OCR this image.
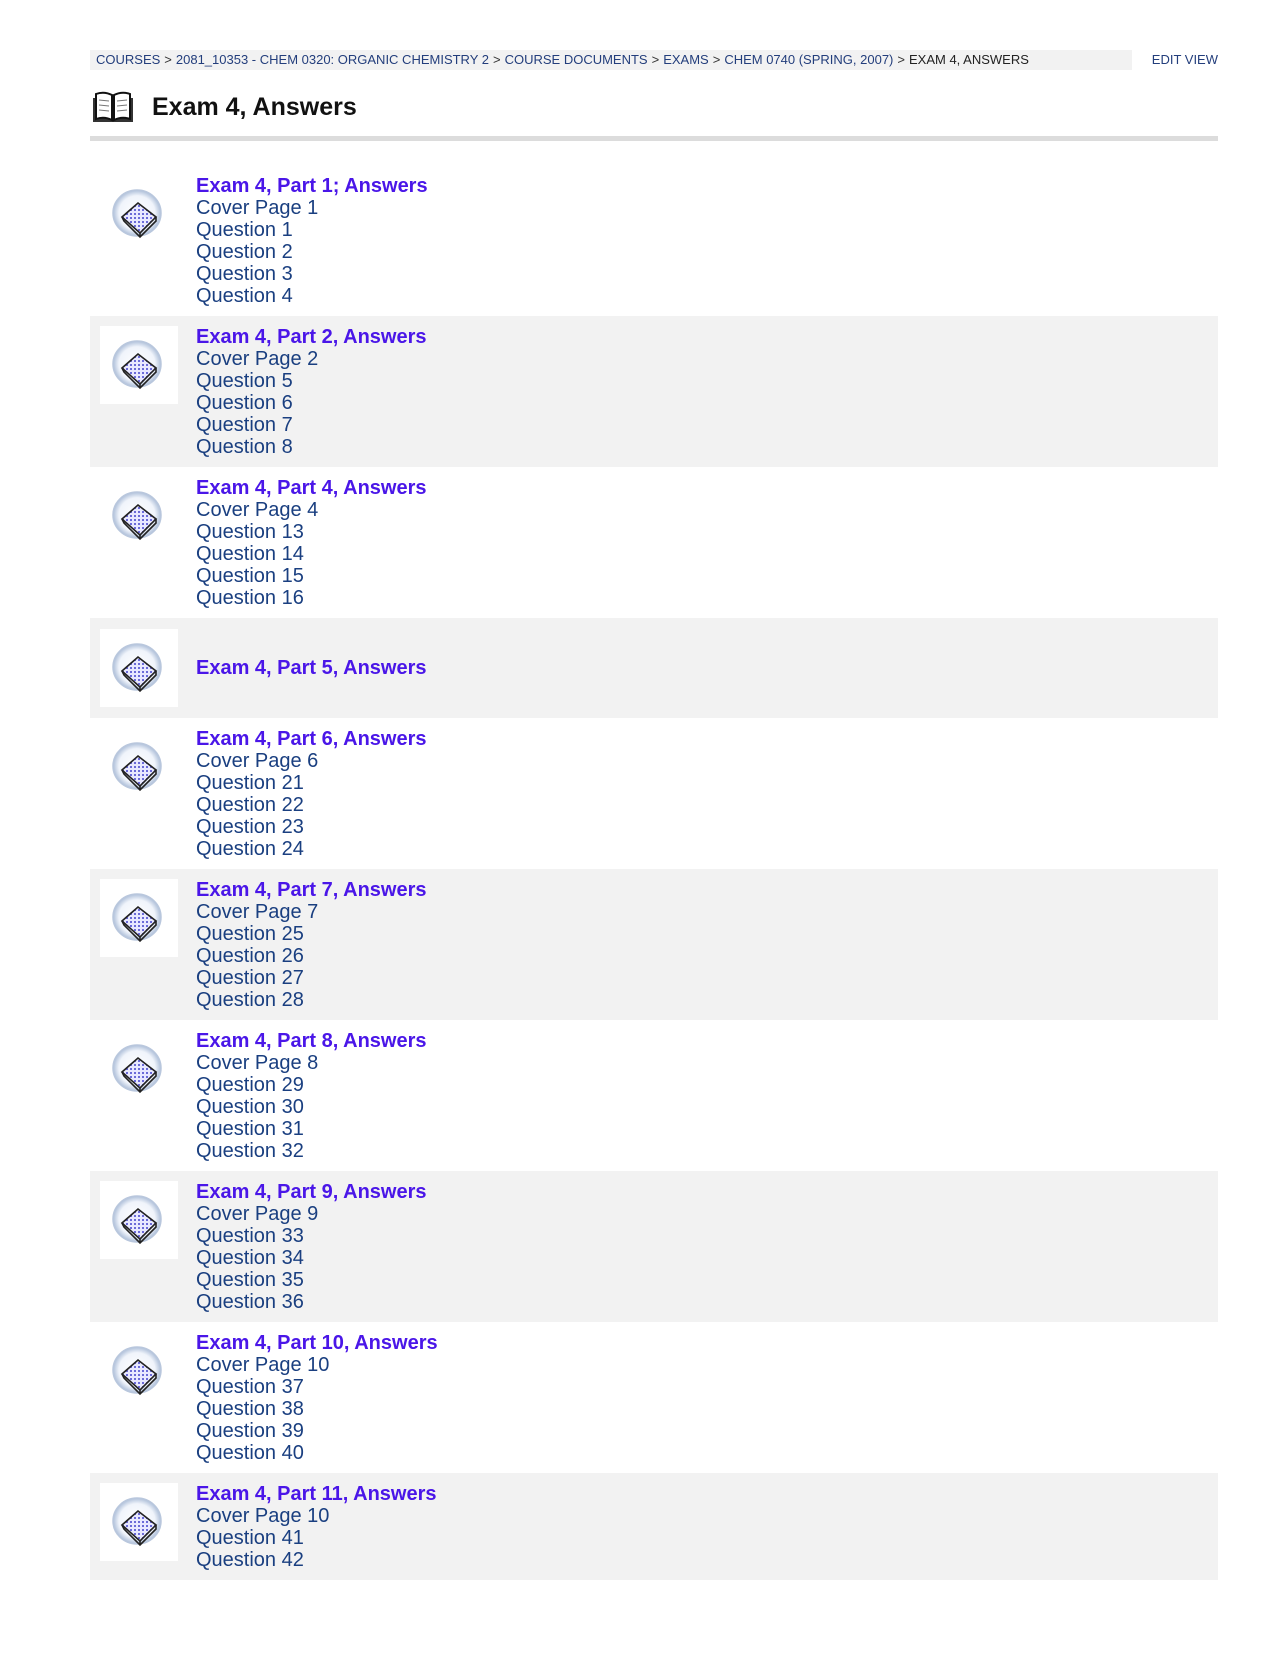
COURSES > 2081_10353 - CHEM 0320: ORGANIC CHEMISTRY 2 > COURSE DOCUMENTS > EXAMS > CHEM 0740 (SPRING, 2007) > EXAM 4, ANSWERS	EDIT VIEW
Exam 4, Answers
Exam 4, Part 1; Answers
Cover Page 1
Question 1
Question 2
Question 3
Question 4
Exam 4, Part 2, Answers
Cover Page 2
Question 5
Question 6
Question 7
Question 8
Exam 4, Part 4, Answers
Cover Page 4
Question 13
Question 14
Question 15
Question 16
Exam 4, Part 5, Answers
Exam 4, Part 6, Answers
Cover Page 6
Question 21
Question 22
Question 23
Question 24
Exam 4, Part 7, Answers
Cover Page 7
Question 25
Question 26
Question 27
Question 28
Exam 4, Part 8, Answers
Cover Page 8
Question 29
Question 30
Question 31
Question 32
Exam 4, Part 9, Answers
Cover Page 9
Question 33
Question 34
Question 35
Question 36
Exam 4, Part 10, Answers
Cover Page 10
Question 37
Question 38
Question 39
Question 40
Exam 4, Part 11, Answers
Cover Page 10
Question 41
Question 42
